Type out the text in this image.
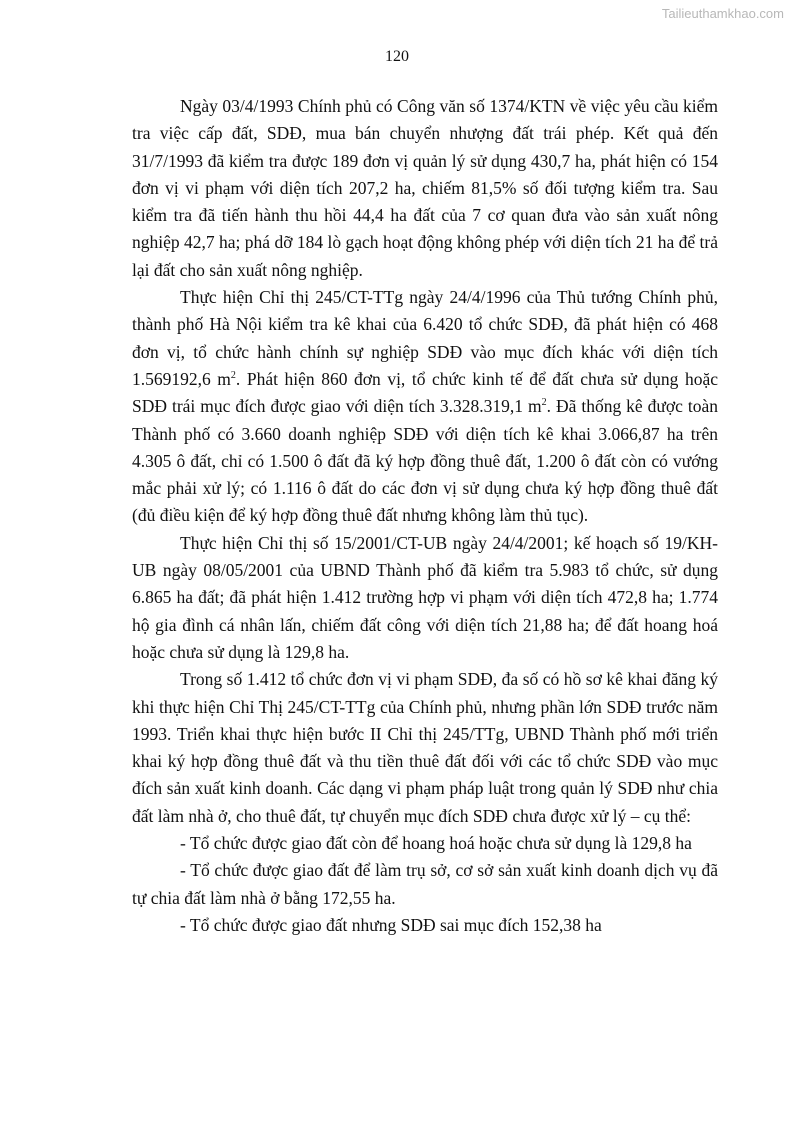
Tailieuthamkhao.com
120

Ngày 03/4/1993 Chính phủ có Công văn số 1374/KTN về việc yêu cầu kiểm tra việc cấp đất, SDĐ, mua bán chuyển nhượng đất trái phép. Kết quả đến 31/7/1993 đã kiểm tra được 189 đơn vị quản lý sử dụng 430,7 ha, phát hiện có 154 đơn vị vi phạm với diện tích 207,2 ha, chiếm 81,5% số đối tượng kiểm tra. Sau kiểm tra đã tiến hành thu hồi 44,4 ha đất của 7 cơ quan đưa vào sản xuất nông nghiệp 42,7 ha; phá dỡ 184 lò gạch hoạt động không phép với diện tích 21 ha để trả lại đất cho sản xuất nông nghiệp.

Thực hiện Chỉ thị 245/CT-TTg ngày 24/4/1996 của Thủ tướng Chính phủ, thành phố Hà Nội kiểm tra kê khai của 6.420 tổ chức SDĐ, đã phát hiện có 468 đơn vị, tổ chức hành chính sự nghiệp SDĐ vào mục đích khác với diện tích 1.569192,6 $m^2$. Phát hiện 860 đơn vị, tổ chức kinh tế để đất chưa sử dụng hoặc SDĐ trái mục đích được giao với diện tích 3.328.319,1 $m^2$. Đã thống kê được toàn Thành phố có 3.660 doanh nghiệp SDĐ với diện tích kê khai 3.066,87 ha trên 4.305 ô đất, chỉ có 1.500 ô đất đã ký hợp đồng thuê đất, 1.200 ô đất còn có vướng mắc phải xử lý; có 1.116 ô đất do các đơn vị sử dụng chưa ký hợp đồng thuê đất (đủ điều kiện để ký hợp đồng thuê đất nhưng không làm thủ tục).

Thực hiện Chỉ thị số 15/2001/CT-UB ngày 24/4/2001; kế hoạch số 19/KH-UB ngày 08/05/2001 của UBND Thành phố đã kiểm tra 5.983 tổ chức, sử dụng 6.865 ha đất; đã phát hiện 1.412 trường hợp vi phạm với diện tích 472,8 ha; 1.774 hộ gia đình cá nhân lấn, chiếm đất công với diện tích 21,88 ha; để đất hoang hoá hoặc chưa sử dụng là 129,8 ha.

Trong số 1.412 tổ chức đơn vị vi phạm SDĐ, đa số có hồ sơ kê khai đăng ký khi thực hiện Chỉ Thị 245/CT-TTg của Chính phủ, nhưng phần lớn SDĐ trước năm 1993. Triển khai thực hiện bước II Chỉ thị 245/TTg, UBND Thành phố mới triển khai ký hợp đồng thuê đất và thu tiền thuê đất đối với các tổ chức SDĐ vào mục đích sản xuất kinh doanh. Các dạng vi phạm pháp luật trong quản lý SDĐ như chia đất làm nhà ở, cho thuê đất, tự chuyển mục đích SDĐ chưa được xử lý – cụ thể:

- Tổ chức được giao đất còn để hoang hoá hoặc chưa sử dụng là 129,8 ha

- Tổ chức được giao đất để làm trụ sở, cơ sở sản xuất kinh doanh dịch vụ đã tự chia đất làm nhà ở bằng 172,55 ha.

- Tổ chức được giao đất nhưng SDĐ sai mục đích 152,38 ha
